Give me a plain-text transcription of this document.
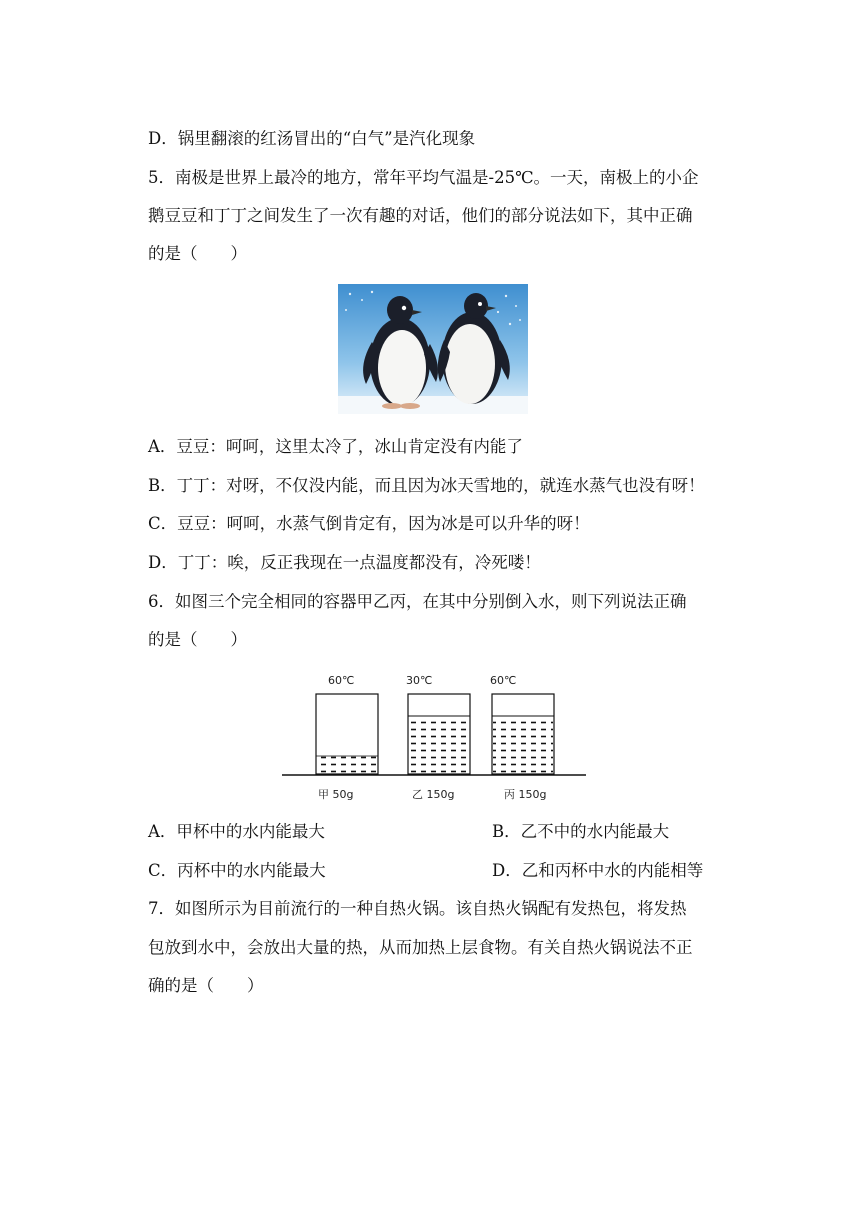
D．锅里翻滚的红汤冒出的“白气”是汽化现象
5．南极是世界上最冷的地方，常年平均气温是-25℃。一天，南极上的小企
鹅豆豆和丁丁之间发生了一次有趣的对话，他们的部分说法如下，其中正确
的是（　　）
A．豆豆：呵呵，这里太冷了，冰山肯定没有内能了
B．丁丁：对呀，不仅没内能，而且因为冰天雪地的，就连水蒸气也没有呀！
C．豆豆：呵呵，水蒸气倒肯定有，因为冰是可以升华的呀！
D．丁丁：唉，反正我现在一点温度都没有，冷死喽！
6．如图三个完全相同的容器甲乙丙，在其中分别倒入水，则下列说法正确
的是（　　）
60℃	30℃	60℃
甲 50g	乙 150g	丙 150g
A．甲杯中的水内能最大	B．乙不中的水内能最大
C．丙杯中的水内能最大	D．乙和丙杯中水的内能相等
7．如图所示为目前流行的一种自热火锅。该自热火锅配有发热包，将发热
包放到水中，会放出大量的热，从而加热上层食物。有关自热火锅说法不正
确的是（　　）
